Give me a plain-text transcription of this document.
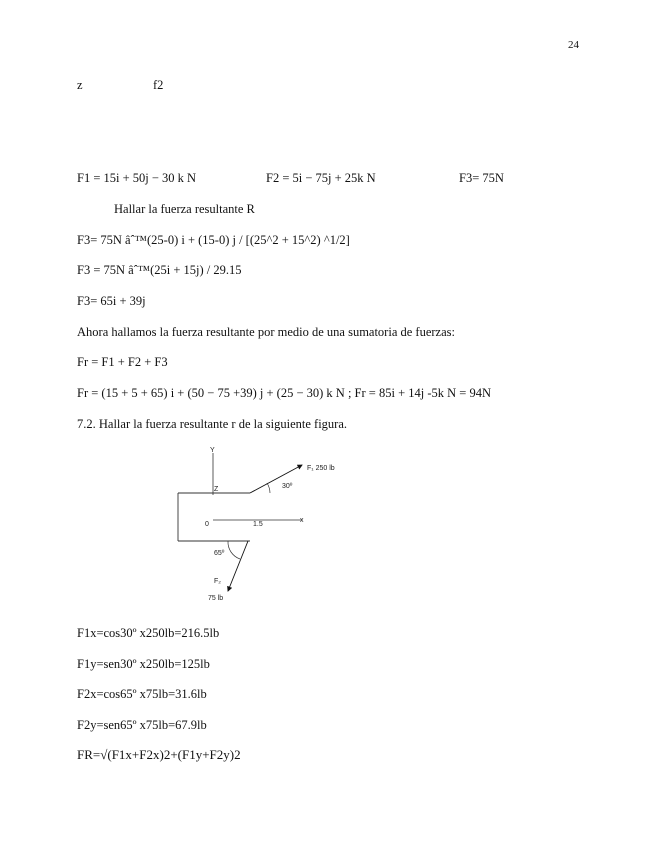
24
z	f2
F1 = 15i + 50j − 30 k N	F2 = 5i − 75j + 25k N	F3= 75N
Hallar la fuerza resultante R
F3= 75N âˆ™(25-0) i + (15-0) j / [(25^2 + 15^2) ^1/2]
F3 = 75N âˆ™(25i + 15j) / 29.15
F3= 65i + 39j
Ahora hallamos la fuerza resultante por medio de una sumatoria de fuerzas:
Fr = F1 + F2 + F3
Fr = (15 + 5 + 65) i + (50 − 75 +39) j + (25 − 30) k N ; Fr = 85i + 14j -5k N = 94N
7.2. Hallar la fuerza resultante r de la siguiente figura.
Y
Z
0	1.5
x
F₁ 250 lb
30º
65º
F₂
75 lb
F1x=cos30º x250lb=216.5lb
F1y=sen30º x250lb=125lb
F2x=cos65º x75lb=31.6lb
F2y=sen65º x75lb=67.9lb
FR=√(F1x+F2x)2+(F1y+F2y)2
